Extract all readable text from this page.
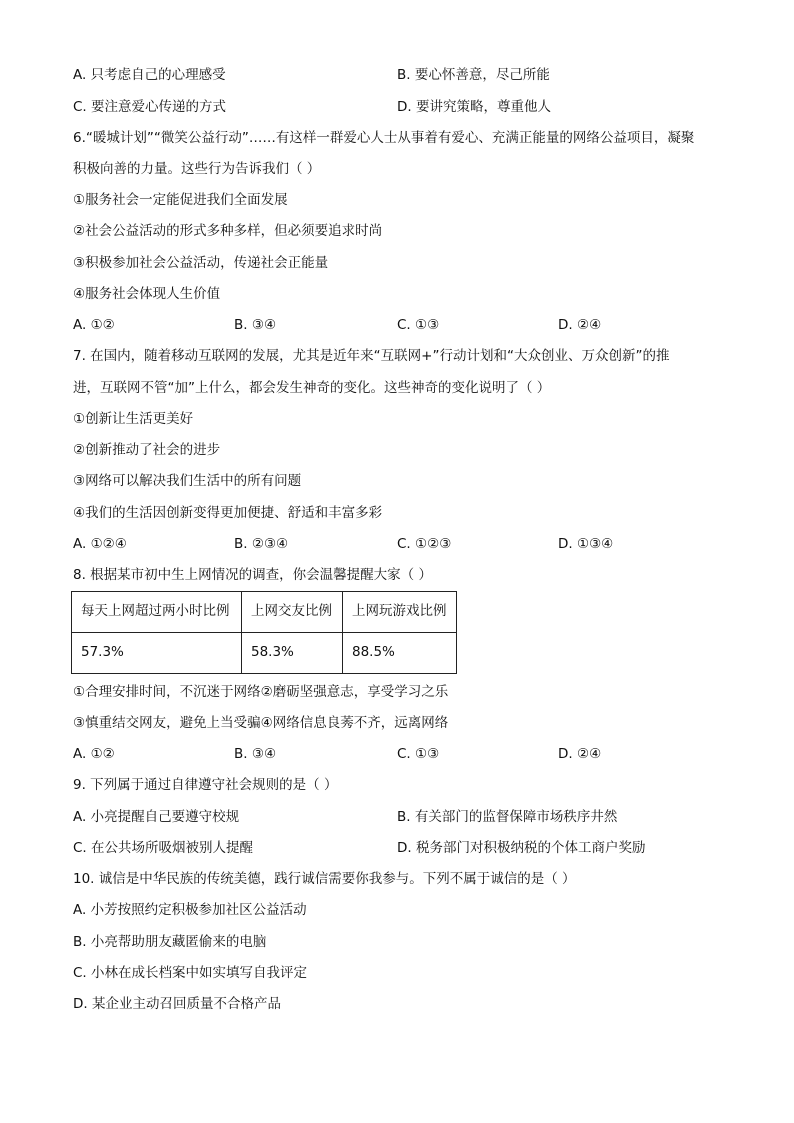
A. 只考虑自己的心理感受	B. 要心怀善意，尽己所能
C. 要注意爱心传递的方式	D. 要讲究策略，尊重他人
6.“暖城计划”“微笑公益行动”……有这样一群爱心人士从事着有爱心、充满正能量的网络公益项目，凝聚
积极向善的力量。这些行为告诉我们（ ）
①服务社会一定能促进我们全面发展
②社会公益活动的形式多种多样，但必须要追求时尚
③积极参加社会公益活动，传递社会正能量
④服务社会体现人生价值
A. ①②	B. ③④	C. ①③	D. ②④
7. 在国内，随着移动互联网的发展，尤其是近年来“互联网+”行动计划和“大众创业、万众创新”的推
进，互联网不管“加”上什么，都会发生神奇的变化。这些神奇的变化说明了（ ）
①创新让生活更美好
②创新推动了社会的进步
③网络可以解决我们生活中的所有问题
④我们的生活因创新变得更加便捷、舒适和丰富多彩
A. ①②④	B. ②③④	C. ①②③	D. ①③④
8. 根据某市初中生上网情况的调查，你会温馨提醒大家（ ）
每天上网超过两小时比例	上网交友比例	上网玩游戏比例
57.3%	58.3%	88.5%
①合理安排时间，不沉迷于网络②磨砺坚强意志，享受学习之乐
③慎重结交网友，避免上当受骗④网络信息良莠不齐，远离网络
A. ①②	B. ③④	C. ①③	D. ②④
9. 下列属于通过自律遵守社会规则的是（ ）
A. 小亮提醒自己要遵守校规	B. 有关部门的监督保障市场秩序井然
C. 在公共场所吸烟被别人提醒	D. 税务部门对积极纳税的个体工商户奖励
10. 诚信是中华民族的传统美德，践行诚信需要你我参与。下列不属于诚信的是（ ）
A. 小芳按照约定积极参加社区公益活动
B. 小亮帮助朋友藏匿偷来的电脑
C. 小林在成长档案中如实填写自我评定
D. 某企业主动召回质量不合格产品
